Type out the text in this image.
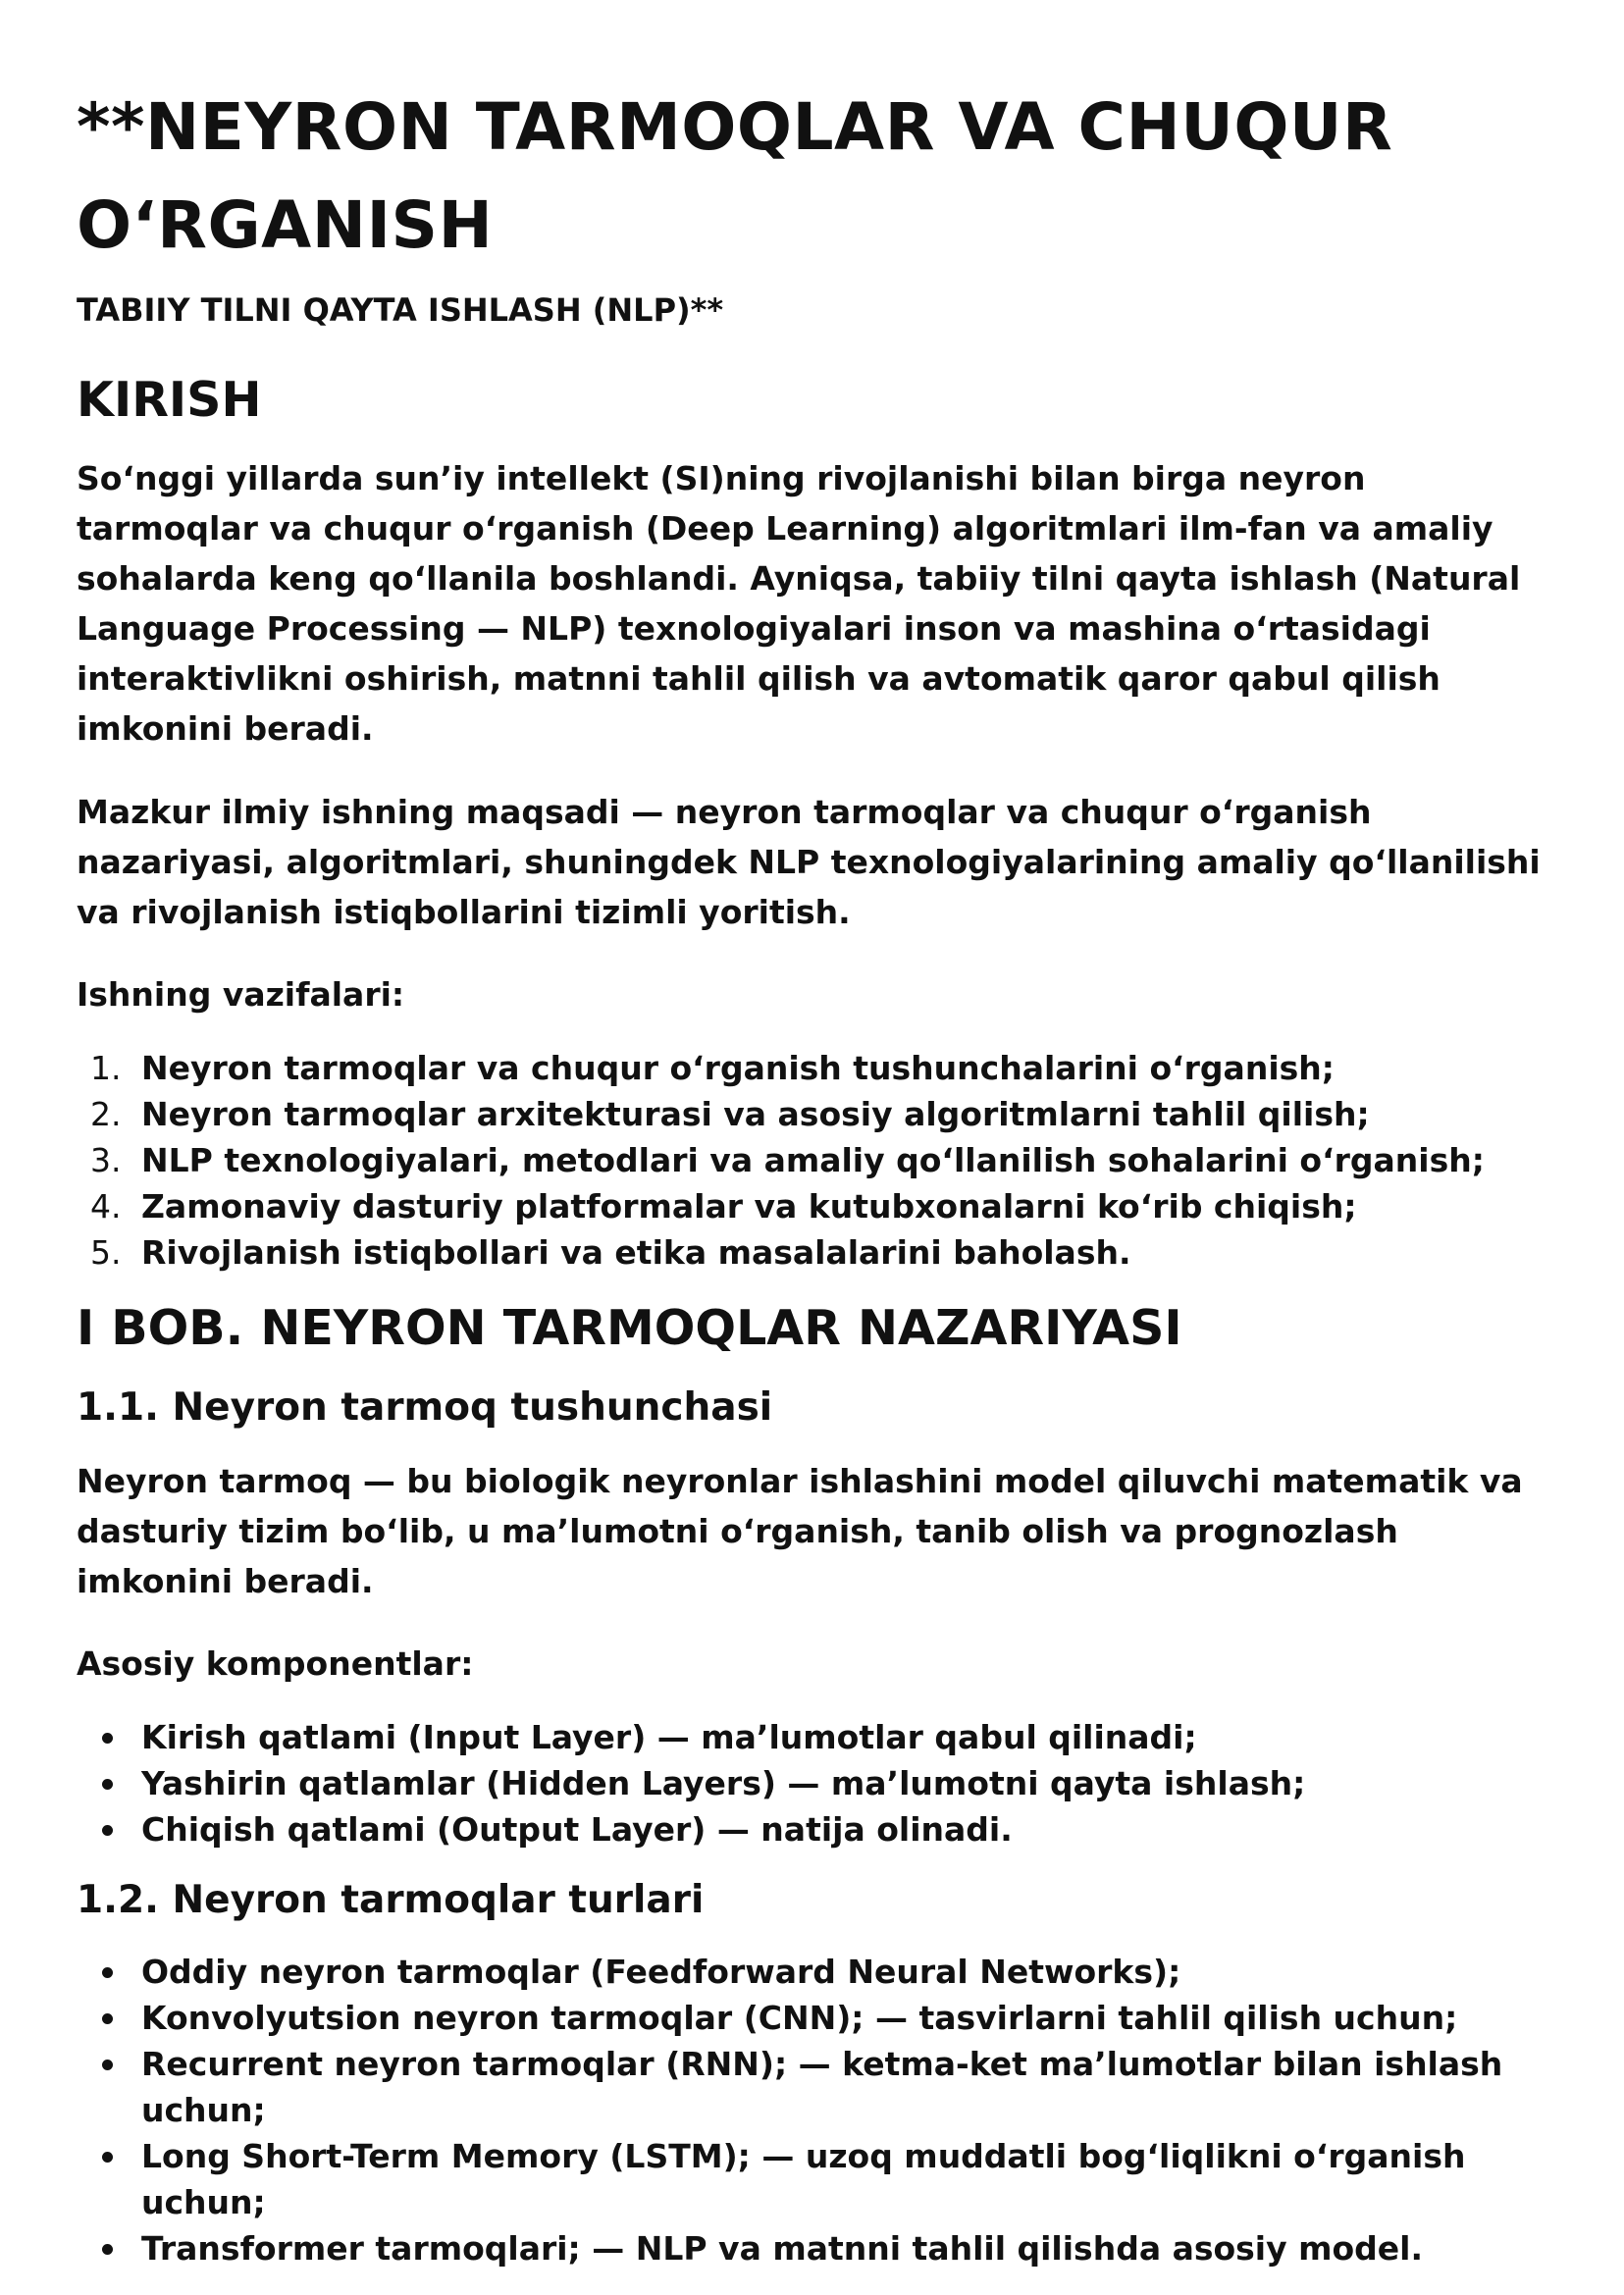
**NEYRON TARMOQLAR VA CHUQUR
O‘RGANISH
TABIIY TILNI QAYTA ISHLASH (NLP)**
KIRISH

So‘nggi yillarda sun’iy intellekt (SI)ning rivojlanishi bilan birga neyron tarmoqlar va chuqur o‘rganish (Deep Learning) algoritmlari ilm-fan va amaliy sohalarda keng qo‘llanila boshlandi. Ayniqsa, tabiiy tilni qayta ishlash (Natural Language Processing — NLP) texnologiyalari inson va mashina o‘rtasidagi interaktivlikni oshirish, matnni tahlil qilish va avtomatik qaror qabul qilish imkonini beradi.

Mazkur ilmiy ishning maqsadi — neyron tarmoqlar va chuqur o‘rganish nazariyasi, algoritmlari, shuningdek NLP texnologiyalarining amaliy qo‘llanilishi va rivojlanish istiqbollarini tizimli yoritish.

Ishning vazifalari:
1. Neyron tarmoqlar va chuqur o‘rganish tushunchalarini o‘rganish;
2. Neyron tarmoqlar arxitekturasi va asosiy algoritmlarni tahlil qilish;
3. NLP texnologiyalari, metodlari va amaliy qo‘llanilish sohalarini o‘rganish;
4. Zamonaviy dasturiy platformalar va kutubxonalarni ko‘rib chiqish;
5. Rivojlanish istiqbollari va etika masalalarini baholash.
I BOB. NEYRON TARMOQLAR NAZARIYASI
1.1. Neyron tarmoq tushunchasi

Neyron tarmoq — bu biologik neyronlar ishlashini model qiluvchi matematik va dasturiy tizim bo‘lib, u ma’lumotni o‘rganish, tanib olish va prognozlash imkonini beradi.

Asosiy komponentlar:
Kirish qatlami (Input Layer) — ma’lumotlar qabul qilinadi;
Yashirin qatlamlar (Hidden Layers) — ma’lumotni qayta ishlash;
Chiqish qatlami (Output Layer) — natija olinadi.
1.2. Neyron tarmoqlar turlari
Oddiy neyron tarmoqlar (Feedforward Neural Networks);
Konvolyutsion neyron tarmoqlar (CNN); — tasvirlarni tahlil qilish uchun;
Recurrent neyron tarmoqlar (RNN); — ketma-ket ma’lumotlar bilan ishlash uchun;
Long Short-Term Memory (LSTM); — uzoq muddatli bog‘liqlikni o‘rganish uchun;
Transformer tarmoqlari; — NLP va matnni tahlil qilishda asosiy model.
